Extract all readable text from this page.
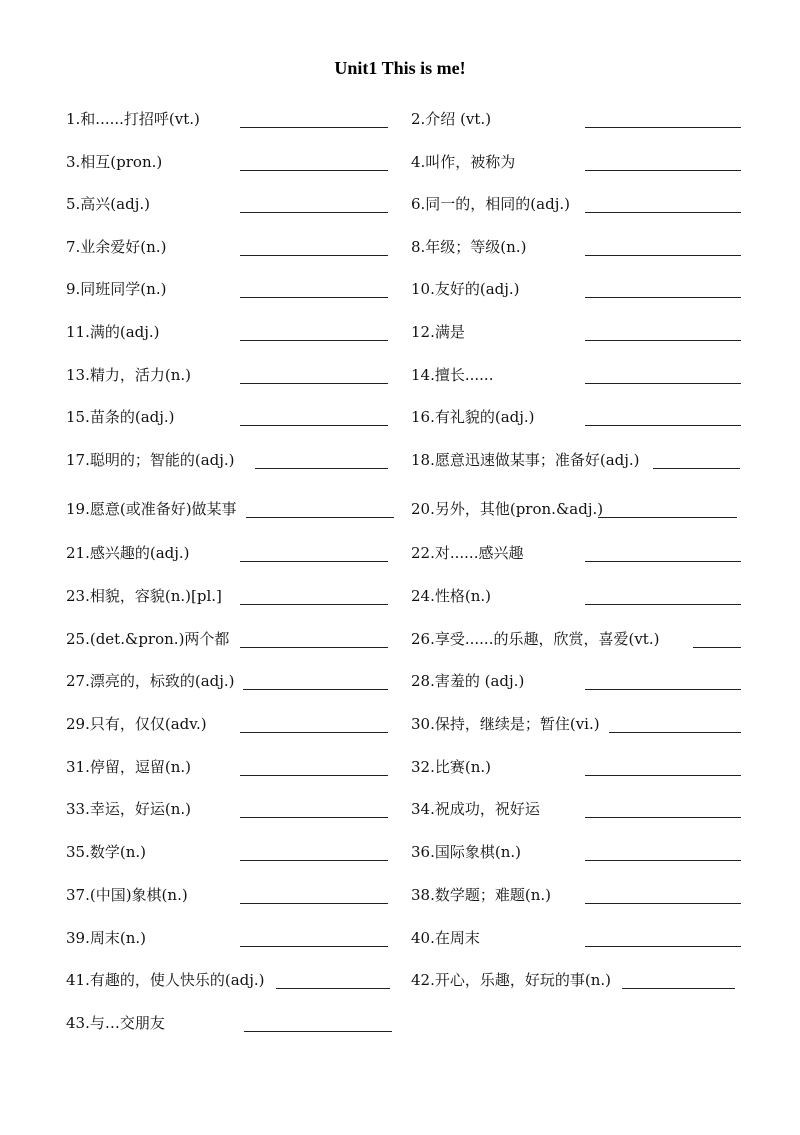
Unit1 This is me!
1.和......打招呼(vt.)	2.介绍 (vt.)
3.相互(pron.)	4.叫作，被称为
5.高兴(adj.)	6.同一的，相同的(adj.)
7.业余爱好(n.)	8.年级；等级(n.)
9.同班同学(n.)	10.友好的(adj.)
11.满的(adj.)	12.满是
13.精力，活力(n.)	14.擅长......
15.苗条的(adj.)	16.有礼貌的(adj.)
17.聪明的；智能的(adj.)	18.愿意迅速做某事；准备好(adj.)
19.愿意(或准备好)做某事	20.另外，其他(pron.&adj.)
21.感兴趣的(adj.)	22.对......感兴趣
23.相貌，容貌(n.)[pl.]	24.性格(n.)
25.(det.&pron.)两个都	26.享受......的乐趣，欣赏，喜爱(vt.)
27.漂亮的，标致的(adj.)	28.害羞的 (adj.)
29.只有，仅仅(adv.)	30.保持，继续是；暂住(vi.)
31.停留，逗留(n.)	32.比赛(n.)
33.幸运，好运(n.)	34.祝成功，祝好运
35.数学(n.)	36.国际象棋(n.)
37.(中国)象棋(n.)	38.数学题；难题(n.)
39.周末(n.)	40.在周末
41.有趣的，使人快乐的(adj.)	42.开心，乐趣，好玩的事(n.)
43.与…交朋友
